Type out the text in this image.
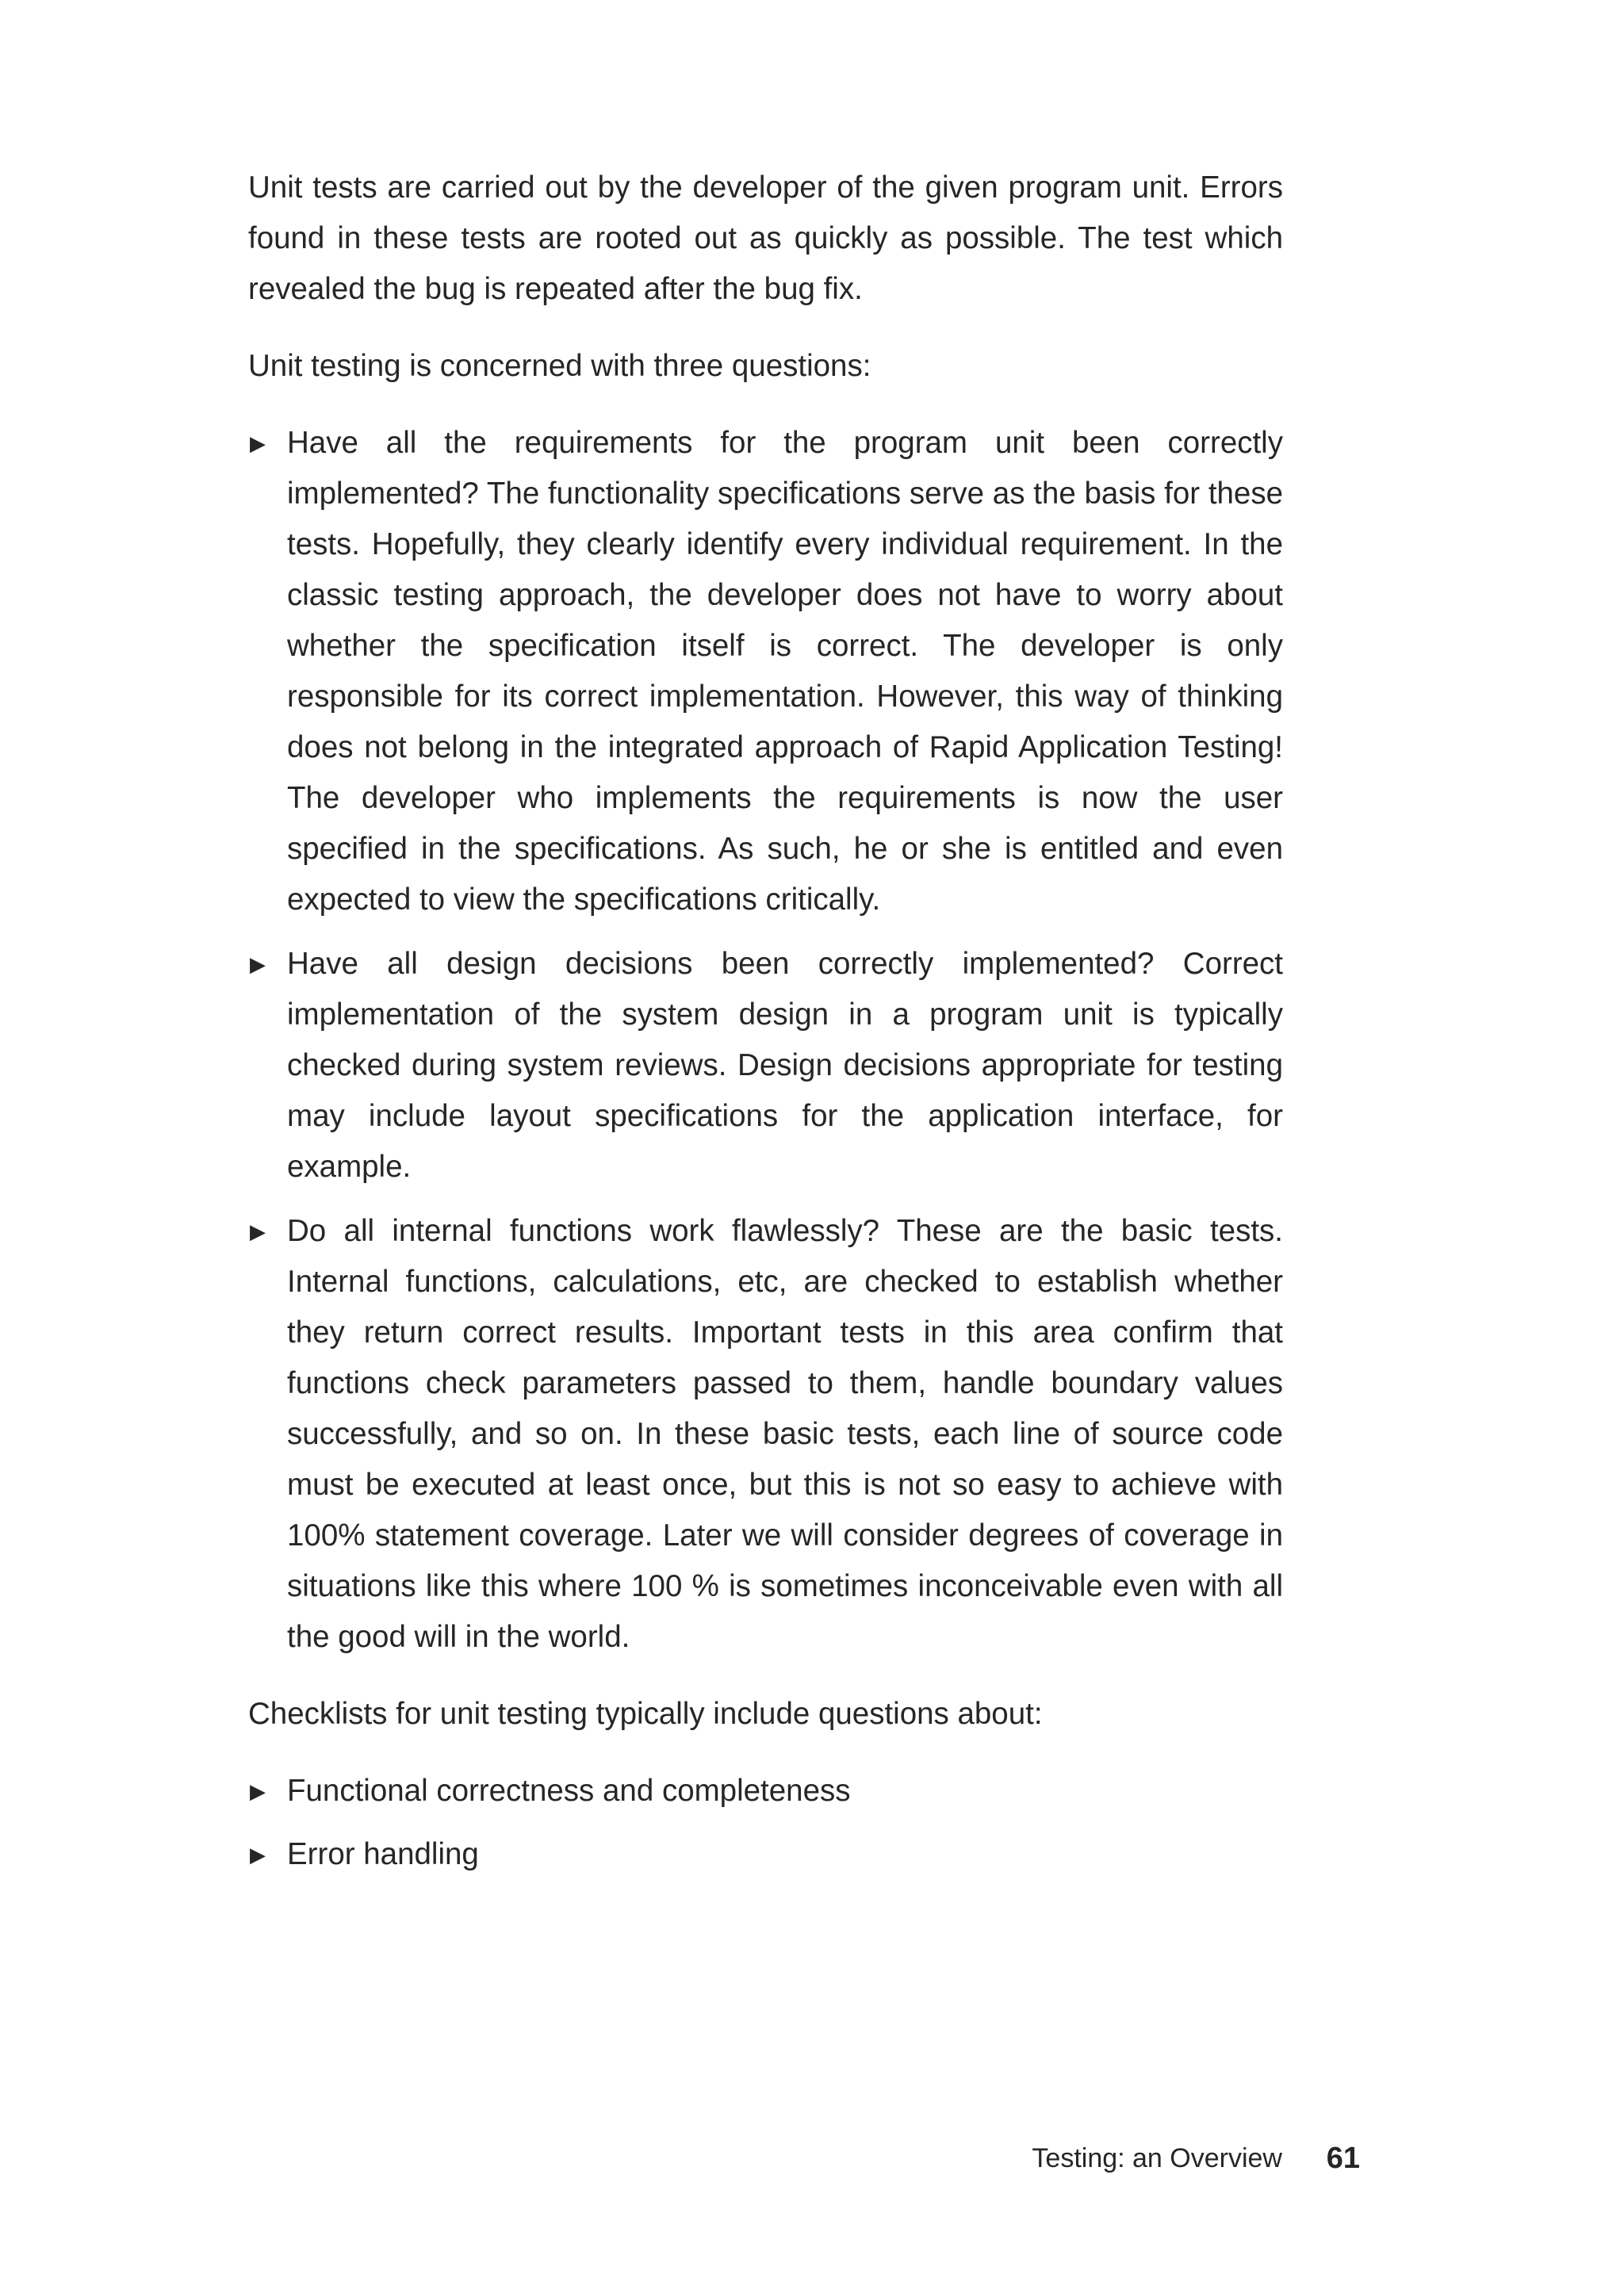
Unit tests are carried out by the developer of the given program unit. Errors found in these tests are rooted out as quickly as possible. The test which revealed the bug is repeated after the bug fix.

Unit testing is concerned with three questions:

▶ Have all the requirements for the program unit been correctly implemented? The functionality specifications serve as the basis for these tests. Hopefully, they clearly identify every individual requirement. In the classic testing approach, the developer does not have to worry about whether the specification itself is correct. The developer is only responsible for its correct implementation. However, this way of thinking does not belong in the integrated approach of Rapid Application Testing! The developer who implements the requirements is now the user specified in the specifications. As such, he or she is entitled and even expected to view the specifications critically.
▶ Have all design decisions been correctly implemented? Correct implementation of the system design in a program unit is typically checked during system reviews. Design decisions appropriate for testing may include layout specifications for the application interface, for example.
▶ Do all internal functions work flawlessly? These are the basic tests. Internal functions, calculations, etc, are checked to establish whether they return correct results. Important tests in this area confirm that functions check parameters passed to them, handle boundary values successfully, and so on. In these basic tests, each line of source code must be executed at least once, but this is not so easy to achieve with 100% statement coverage. Later we will consider degrees of coverage in situations like this where 100 % is sometimes inconceivable even with all the good will in the world.

Checklists for unit testing typically include questions about:

▶ Functional correctness and completeness
▶ Error handling
Testing: an Overview 61
